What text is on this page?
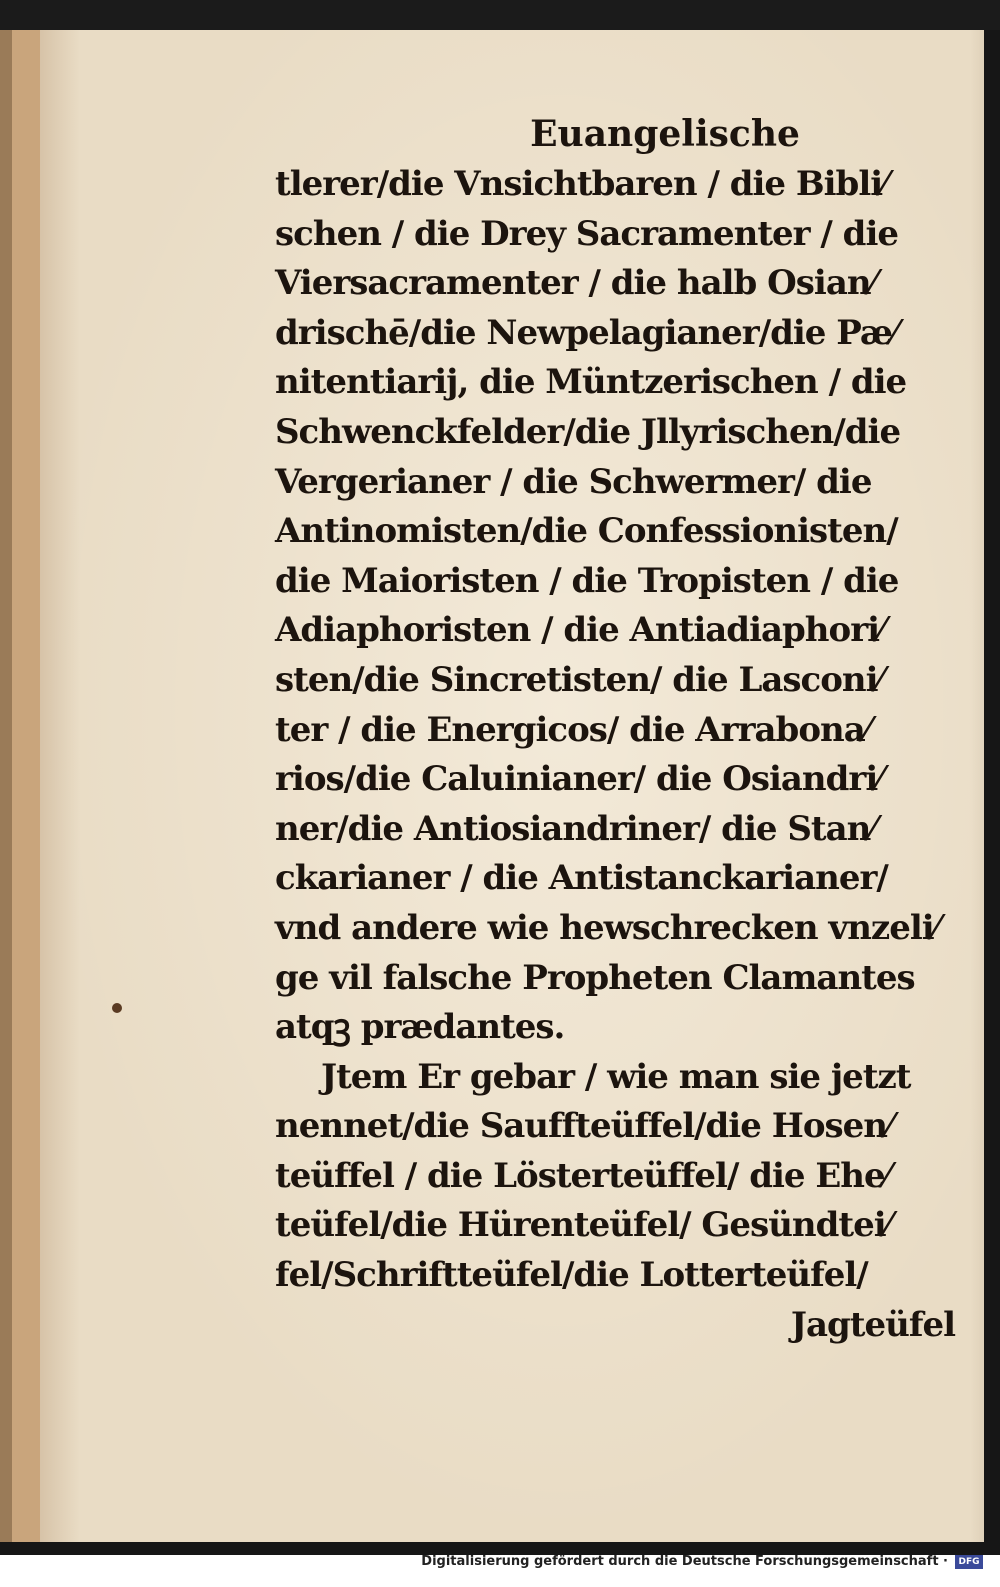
Euangelische
tlerer/die Vnsichtbaren / die Bibli⁄
schen / die Drey Sacramenter / die
Viersacramenter / die halb Osian⁄
drischē/die Newpelagianer/die Pæ⁄
nitentiarij, die Müntzerischen / die
Schwenckfelder/die Jllyrischen/die
Vergerianer / die Schwermer/ die
Antinomisten/die Confessionisten/
die Maioristen / die Tropisten / die
Adiaphoristen / die Antiadiaphori⁄
sten/die Sincretisten/ die Lasconi⁄
ter / die Energicos/ die Arrabona⁄
rios/die Caluinianer/ die Osiandri⁄
ner/die Antiosiandriner/ die Stan⁄
ckarianer / die Antistanckarianer/
vnd andere wie hewschrecken vnzeli⁄
ge vil falsche Propheten Clamantes
atqꝫ prædantes.
Jtem Er gebar / wie man sie jetzt
nennet/die Sauffteüffel/die Hosen⁄
teüffel / die Lösterteüffel/ die Ehe⁄
teüfel/die Hürenteüfel/ Gesündtei⁄
fel/Schriftteüfel/die Lotterteüfel/
Jagteüfel
Digitalisierung gefördert durch die Deutsche Forschungsgemeinschaft ·	DFG
